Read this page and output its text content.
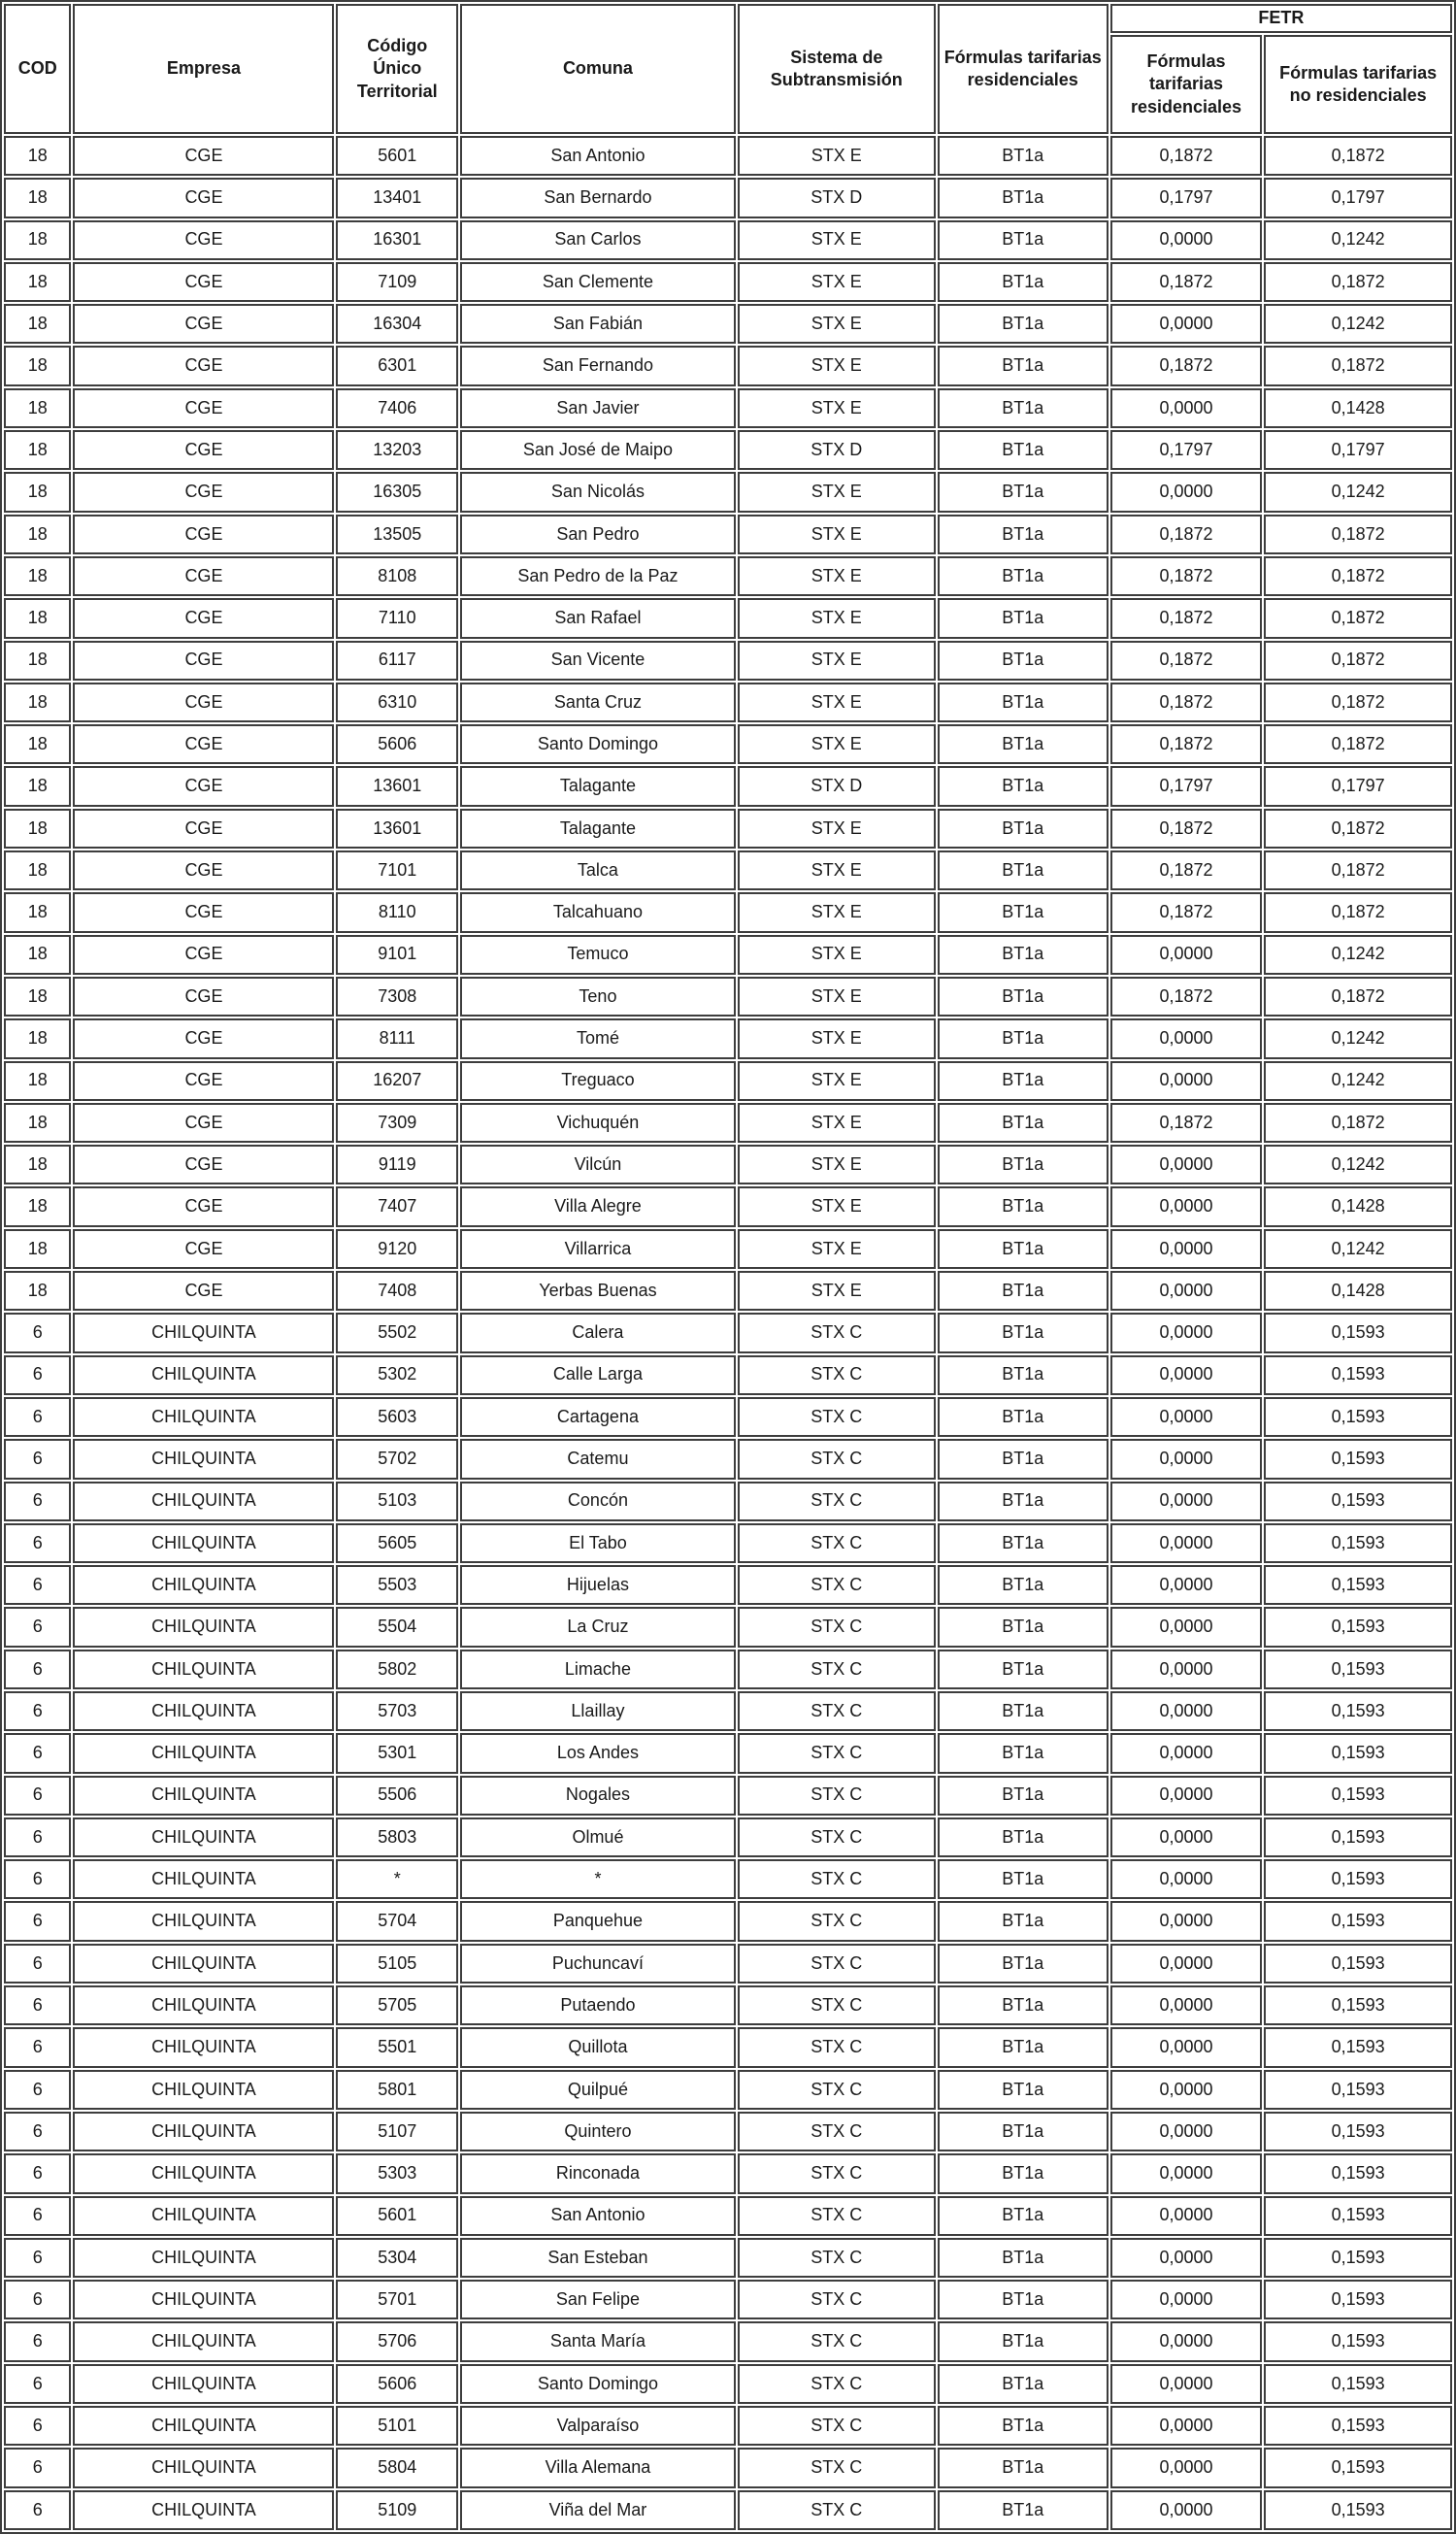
COD	Empresa	Código Único Territorial	Comuna	Sistema de Subtransmisión	Fórmulas tarifarias residenciales	FETR	
						Fórmulas tarifarias residenciales	Fórmulas tarifarias no residenciales
18	CGE	5601	San Antonio	STX E	BT1a	0,1872	0,1872
18	CGE	13401	San Bernardo	STX D	BT1a	0,1797	0,1797
18	CGE	16301	San Carlos	STX E	BT1a	0,0000	0,1242
18	CGE	7109	San Clemente	STX E	BT1a	0,1872	0,1872
18	CGE	16304	San Fabián	STX E	BT1a	0,0000	0,1242
18	CGE	6301	San Fernando	STX E	BT1a	0,1872	0,1872
18	CGE	7406	San Javier	STX E	BT1a	0,0000	0,1428
18	CGE	13203	San José de Maipo	STX D	BT1a	0,1797	0,1797
18	CGE	16305	San Nicolás	STX E	BT1a	0,0000	0,1242
18	CGE	13505	San Pedro	STX E	BT1a	0,1872	0,1872
18	CGE	8108	San Pedro de la Paz	STX E	BT1a	0,1872	0,1872
18	CGE	7110	San Rafael	STX E	BT1a	0,1872	0,1872
18	CGE	6117	San Vicente	STX E	BT1a	0,1872	0,1872
18	CGE	6310	Santa Cruz	STX E	BT1a	0,1872	0,1872
18	CGE	5606	Santo Domingo	STX E	BT1a	0,1872	0,1872
18	CGE	13601	Talagante	STX D	BT1a	0,1797	0,1797
18	CGE	13601	Talagante	STX E	BT1a	0,1872	0,1872
18	CGE	7101	Talca	STX E	BT1a	0,1872	0,1872
18	CGE	8110	Talcahuano	STX E	BT1a	0,1872	0,1872
18	CGE	9101	Temuco	STX E	BT1a	0,0000	0,1242
18	CGE	7308	Teno	STX E	BT1a	0,1872	0,1872
18	CGE	8111	Tomé	STX E	BT1a	0,0000	0,1242
18	CGE	16207	Treguaco	STX E	BT1a	0,0000	0,1242
18	CGE	7309	Vichuquén	STX E	BT1a	0,1872	0,1872
18	CGE	9119	Vilcún	STX E	BT1a	0,0000	0,1242
18	CGE	7407	Villa Alegre	STX E	BT1a	0,0000	0,1428
18	CGE	9120	Villarrica	STX E	BT1a	0,0000	0,1242
18	CGE	7408	Yerbas Buenas	STX E	BT1a	0,0000	0,1428
6	CHILQUINTA	5502	Calera	STX C	BT1a	0,0000	0,1593
6	CHILQUINTA	5302	Calle Larga	STX C	BT1a	0,0000	0,1593
6	CHILQUINTA	5603	Cartagena	STX C	BT1a	0,0000	0,1593
6	CHILQUINTA	5702	Catemu	STX C	BT1a	0,0000	0,1593
6	CHILQUINTA	5103	Concón	STX C	BT1a	0,0000	0,1593
6	CHILQUINTA	5605	El Tabo	STX C	BT1a	0,0000	0,1593
6	CHILQUINTA	5503	Hijuelas	STX C	BT1a	0,0000	0,1593
6	CHILQUINTA	5504	La Cruz	STX C	BT1a	0,0000	0,1593
6	CHILQUINTA	5802	Limache	STX C	BT1a	0,0000	0,1593
6	CHILQUINTA	5703	Llaillay	STX C	BT1a	0,0000	0,1593
6	CHILQUINTA	5301	Los Andes	STX C	BT1a	0,0000	0,1593
6	CHILQUINTA	5506	Nogales	STX C	BT1a	0,0000	0,1593
6	CHILQUINTA	5803	Olmué	STX C	BT1a	0,0000	0,1593
6	CHILQUINTA	*	*	STX C	BT1a	0,0000	0,1593
6	CHILQUINTA	5704	Panquehue	STX C	BT1a	0,0000	0,1593
6	CHILQUINTA	5105	Puchuncaví	STX C	BT1a	0,0000	0,1593
6	CHILQUINTA	5705	Putaendo	STX C	BT1a	0,0000	0,1593
6	CHILQUINTA	5501	Quillota	STX C	BT1a	0,0000	0,1593
6	CHILQUINTA	5801	Quilpué	STX C	BT1a	0,0000	0,1593
6	CHILQUINTA	5107	Quintero	STX C	BT1a	0,0000	0,1593
6	CHILQUINTA	5303	Rinconada	STX C	BT1a	0,0000	0,1593
6	CHILQUINTA	5601	San Antonio	STX C	BT1a	0,0000	0,1593
6	CHILQUINTA	5304	San Esteban	STX C	BT1a	0,0000	0,1593
6	CHILQUINTA	5701	San Felipe	STX C	BT1a	0,0000	0,1593
6	CHILQUINTA	5706	Santa María	STX C	BT1a	0,0000	0,1593
6	CHILQUINTA	5606	Santo Domingo	STX C	BT1a	0,0000	0,1593
6	CHILQUINTA	5101	Valparaíso	STX C	BT1a	0,0000	0,1593
6	CHILQUINTA	5804	Villa Alemana	STX C	BT1a	0,0000	0,1593
6	CHILQUINTA	5109	Viña del Mar	STX C	BT1a	0,0000	0,1593
